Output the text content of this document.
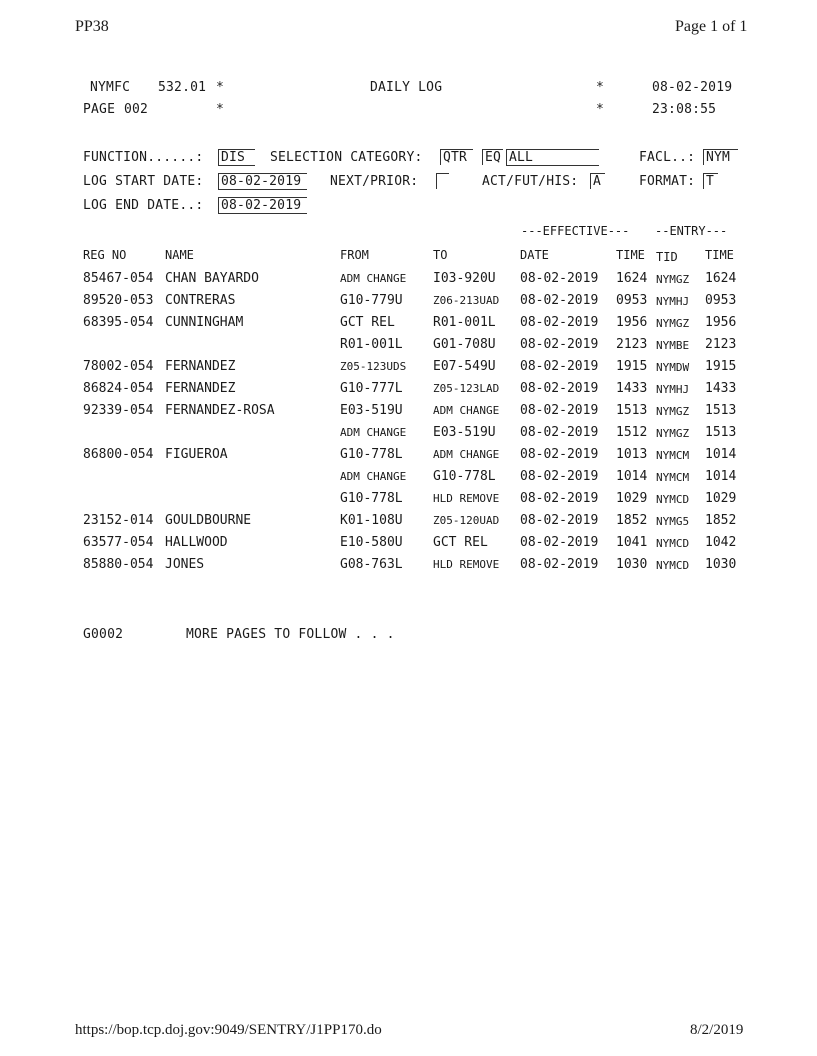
PP38	Page 1 of 1
NYMFC 532.01 *	DAILY LOG	*	08-02-2019
PAGE 002	*	*	23:08:55
FUNCTION......: DIS	SELECTION CATEGORY: QTR	EQ ALL	FACL..: NYM
LOG START DATE: 08-02-2019	NEXT/PRIOR:	ACT/FUT/HIS: A	FORMAT: T
LOG END DATE..: 08-02-2019
---EFFECTIVE--- --ENTRY---
REG NO	NAME	FROM	TO	DATE	TIME TID TIME
85467-054 CHAN BAYARDO	ADM CHANGE I03-920U 08-02-2019 1624 NYMGZ 1624
89520-053 CONTRERAS	G10-779U	Z06-213UAD 08-02-2019 0953 NYMHJ 0953
68395-054 CUNNINGHAM	GCT REL	R01-001L 08-02-2019 1956 NYMGZ 1956
R01-001L G01-708U 08-02-2019 2123 NYMBE 2123
78002-054 FERNANDEZ	Z05-123UDS E07-549U 08-02-2019 1915 NYMDW 1915
86824-054 FERNANDEZ	G10-777L	Z05-123LAD 08-02-2019 1433 NYMHJ 1433
92339-054 FERNANDEZ-ROSA	E03-519U	ADM CHANGE 08-02-2019 1513 NYMGZ 1513
ADM CHANGE E03-519U 08-02-2019 1512 NYMGZ 1513
86800-054 FIGUEROA	G10-778L	ADM CHANGE 08-02-2019 1013 NYMCM 1014
ADM CHANGE G10-778L 08-02-2019 1014 NYMCM 1014
G10-778L	HLD REMOVE 08-02-2019 1029 NYMCD 1029
23152-014 GOULDBOURNE	K01-108U	Z05-120UAD 08-02-2019 1852 NYMG5 1852
63577-054 HALLWOOD	E10-580U GCT REL 08-02-2019 1041 NYMCD 1042
85880-054 JONES	G08-763L	HLD REMOVE 08-02-2019 1030 NYMCD 1030
G0002	MORE PAGES TO FOLLOW . . .
https://bop.tcp.doj.gov:9049/SENTRY/J1PP170.do	8/2/2019
